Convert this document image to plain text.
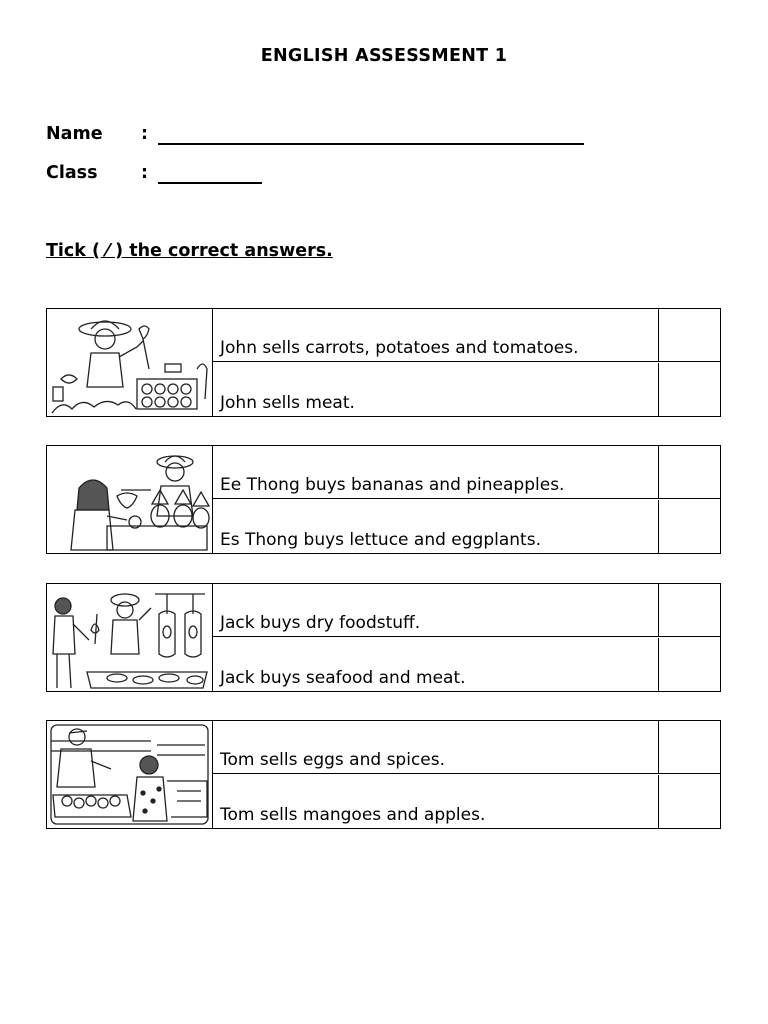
ENGLISH ASSESSMENT 1
Name	:
Class	:
Tick ( ⁄ ) the correct answers.
John sells carrots, potatoes and tomatoes.
John sells meat.
Ee Thong buys bananas and pineapples.
Es Thong buys lettuce and eggplants.
Jack buys dry foodstuff.
Jack buys seafood and meat.
Tom sells eggs and spices.
Tom sells mangoes and apples.
